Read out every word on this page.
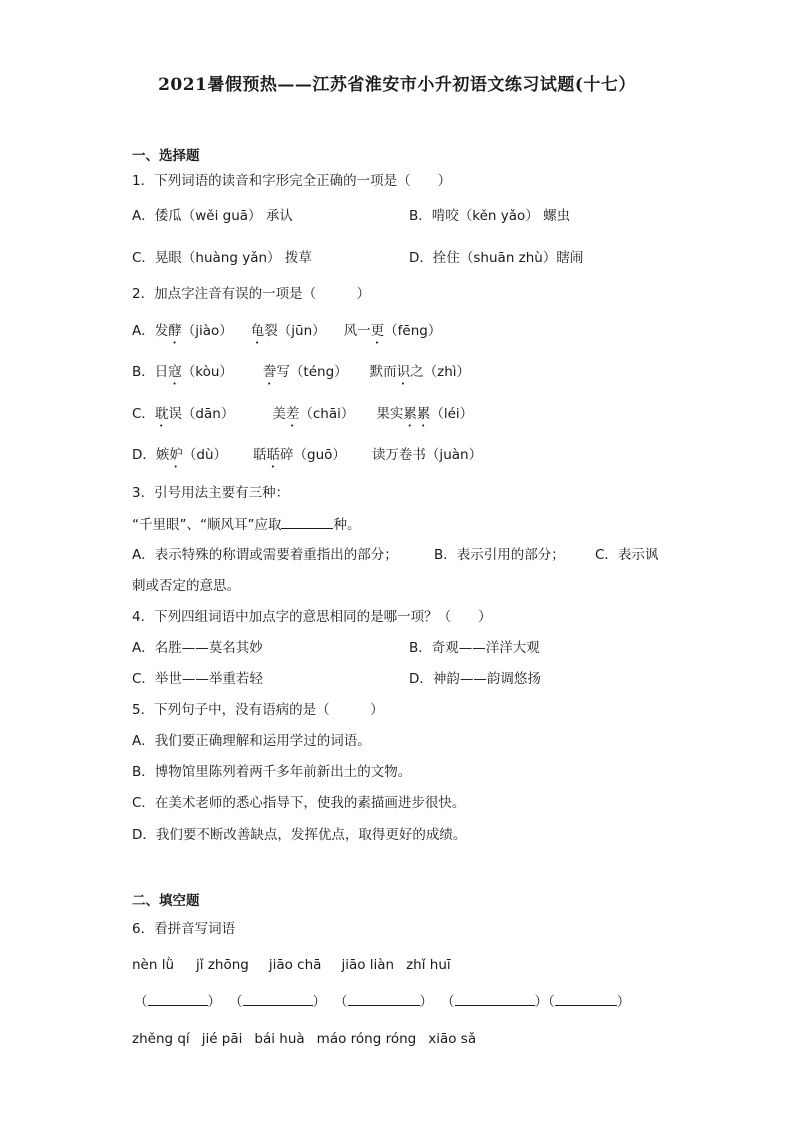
2021暑假预热——江苏省淮安市小升初语文练习试题(十七）
一、选择题
1．下列词语的读音和字形完全正确的一项是（　　）
A．倭瓜（wěi guā） 承认	B．啃咬（kěn yǎo） 螺虫
C．晃眼（huàng yǎn） 拨草	D．拴住（shuān zhù）瞎闹
2．加点字注音有误的一项是（　　　）
A．发酵（jiào） 龟裂（jūn） 风一更（fēng）
B．日寇（kòu） 誊写（téng） 默而识之（zhì）
C．耽误（dān）	美差（chāi） 果实累累（léi）
D．嫉妒（dù） 聒聒碎（guō） 读万卷书（juàn）
3．引号用法主要有三种：
“千里眼”、“顺风耳”应取	种。
A．表示特殊的称谓或需要着重指出的部分；	B．表示引用的部分； C．表示讽
刺或否定的意思。
4．下列四组词语中加点字的意思相同的是哪一项？（　　）
A．名胜——莫名其妙	B．奇观——洋洋大观
C．举世——举重若轻	D．神韵——韵调悠扬
5．下列句子中，没有语病的是（　　　）
A．我们要正确理解和运用学过的词语。
B．博物馆里陈列着两千多年前新出土的文物。
C．在美术老师的悉心指导下，使我的素描画进步很快。
D．我们要不断改善缺点，发挥优点，取得更好的成绩。
二、填空题
6．看拼音写词语
nèn lǜ jǐ zhōng jiāo chā jiāo liàn zhǐ huī
（	） （	） （	） （	）（	）
zhěng qí jié pāi bái huà máo róng róng xiāo sǎ
